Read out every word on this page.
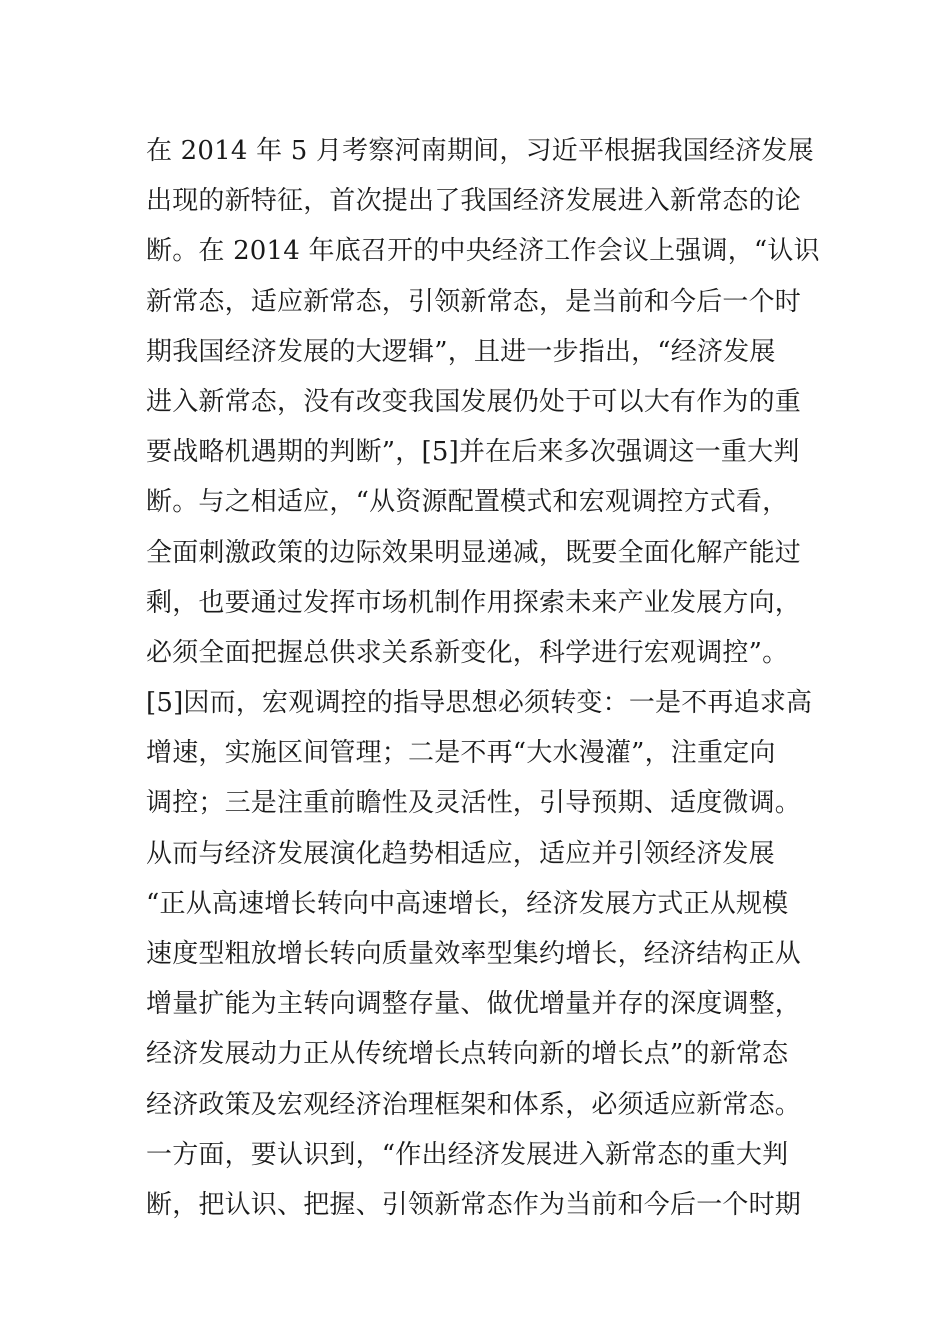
在 2014 年 5 月考察河南期间，习近平根据我国经济发展
出现的新特征，首次提出了我国经济发展进入新常态的论
断。在 2014 年底召开的中央经济工作会议上强调，“认识
新常态，适应新常态，引领新常态，是当前和今后一个时
期我国经济发展的大逻辑”，且进一步指出，“经济发展
进入新常态，没有改变我国发展仍处于可以大有作为的重
要战略机遇期的判断”，[5]并在后来多次强调这一重大判
断。与之相适应，“从资源配置模式和宏观调控方式看，
全面刺激政策的边际效果明显递减，既要全面化解产能过
剩，也要通过发挥市场机制作用探索未来产业发展方向，
必须全面把握总供求关系新变化，科学进行宏观调控”。
[5]因而，宏观调控的指导思想必须转变：一是不再追求高
增速，实施区间管理；二是不再“大水漫灌”，注重定向
调控；三是注重前瞻性及灵活性，引导预期、适度微调。
从而与经济发展演化趋势相适应，适应并引领经济发展
“正从高速增长转向中高速增长，经济发展方式正从规模
速度型粗放增长转向质量效率型集约增长，经济结构正从
增量扩能为主转向调整存量、做优增量并存的深度调整，
经济发展动力正从传统增长点转向新的增长点”的新常态
经济政策及宏观经济治理框架和体系，必须适应新常态。
一方面，要认识到，“作出经济发展进入新常态的重大判
断，把认识、把握、引领新常态作为当前和今后一个时期
